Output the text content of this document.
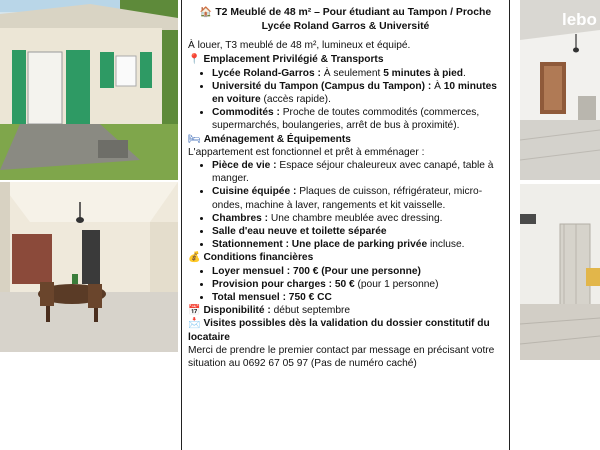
🏠 T2 Meublé de 48 m² – Pour étudiant au Tampon / Proche Lycée Roland Garros & Université

À louer, T3 meublé de 48 m², lumineux et équipé.

📍 Emplacement Privilégié & Transports

• Lycée Roland-Garros : À seulement 5 minutes à pied.
• Université du Tampon (Campus du Tampon) : À 10 minutes en voiture (accès rapide).
• Commodités : Proche de toutes commodités (commerces, supermarchés, boulangeries, arrêt de bus à proximité).

🛏 Aménagement & Équipements

L'appartement est fonctionnel et prêt à emménager :

• Pièce de vie : Espace séjour chaleureux avec canapé, table à manger.
• Cuisine équipée : Plaques de cuisson, réfrigérateur, micro-ondes, machine à laver, rangements et kit vaisselle.
• Chambres : Une chambre meublée avec dressing.
• Salle d'eau neuve et toilette séparée
• Stationnement : Une place de parking privée incluse.

💰 Conditions financières

• Loyer mensuel : 700 € (Pour une personne)
• Provision pour charges : 50 € (pour 1 personne)
• Total mensuel : 750 € CC

📅 Disponibilité : début septembre

📩 Visites possibles dès la validation du dossier constitutif du locataire

Merci de prendre le premier contact par message en précisant votre situation au 0692 67 05 97 (Pas de numéro caché)

lebo
